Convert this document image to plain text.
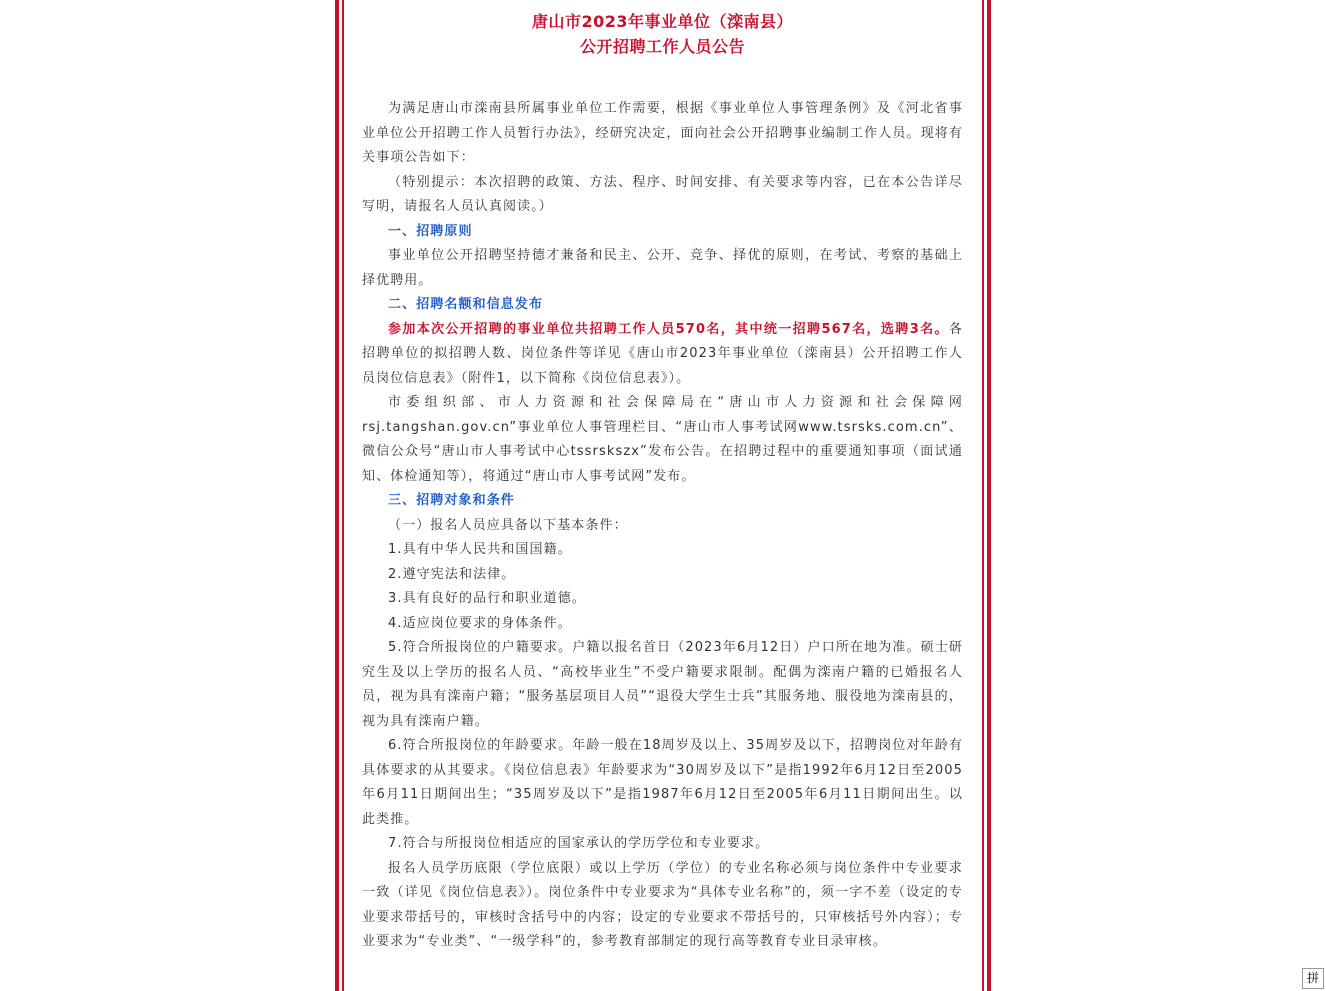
唐山市2023年事业单位（滦南县）

公开招聘工作人员公告

为满足唐山市滦南县所属事业单位工作需要，根据《事业单位人事管理条例》及《河北省事业单位公开招聘工作人员暂行办法》，经研究决定，面向社会公开招聘事业编制工作人员。现将有关事项公告如下：

（特别提示：本次招聘的政策、方法、程序、时间安排、有关要求等内容，已在本公告详尽写明，请报名人员认真阅读。）

一、招聘原则

事业单位公开招聘坚持德才兼备和民主、公开、竞争、择优的原则，在考试、考察的基础上择优聘用。

二、招聘名额和信息发布

参加本次公开招聘的事业单位共招聘工作人员570名，其中统一招聘567名，选聘3名。各招聘单位的拟招聘人数、岗位条件等详见《唐山市2023年事业单位（滦南县）公开招聘工作人员岗位信息表》（附件1，以下简称《岗位信息表》）。

市委组织部、市人力资源和社会保障局在“唐山市人力资源和社会保障网rsj.tangshan.gov.cn”事业单位人事管理栏目、“唐山市人事考试网www.tsrsks.com.cn”、微信公众号“唐山市人事考试中心tssrskszx”发布公告。在招聘过程中的重要通知事项（面试通知、体检通知等），将通过“唐山市人事考试网”发布。

三、招聘对象和条件

（一）报名人员应具备以下基本条件：

1.具有中华人民共和国国籍。

2.遵守宪法和法律。

3.具有良好的品行和职业道德。

4.适应岗位要求的身体条件。

5.符合所报岗位的户籍要求。户籍以报名首日（2023年6月12日）户口所在地为准。硕士研究生及以上学历的报名人员、“高校毕业生”不受户籍要求限制。配偶为滦南户籍的已婚报名人员，视为具有滦南户籍；“服务基层项目人员”“退役大学生士兵”其服务地、服役地为滦南县的，视为具有滦南户籍。

6.符合所报岗位的年龄要求。年龄一般在18周岁及以上、35周岁及以下，招聘岗位对年龄有具体要求的从其要求。《岗位信息表》年龄要求为“30周岁及以下”是指1992年6月12日至2005年6月11日期间出生；“35周岁及以下”是指1987年6月12日至2005年6月11日期间出生。以此类推。

7.符合与所报岗位相适应的国家承认的学历学位和专业要求。

报名人员学历底限（学位底限）或以上学历（学位）的专业名称必须与岗位条件中专业要求一致（详见《岗位信息表》）。岗位条件中专业要求为“具体专业名称”的，须一字不差（设定的专业要求带括号的，审核时含括号中的内容；设定的专业要求不带括号的，只审核括号外内容）；专业要求为“专业类”、“一级学科”的，参考教育部制定的现行高等教育专业目录审核。

拼
